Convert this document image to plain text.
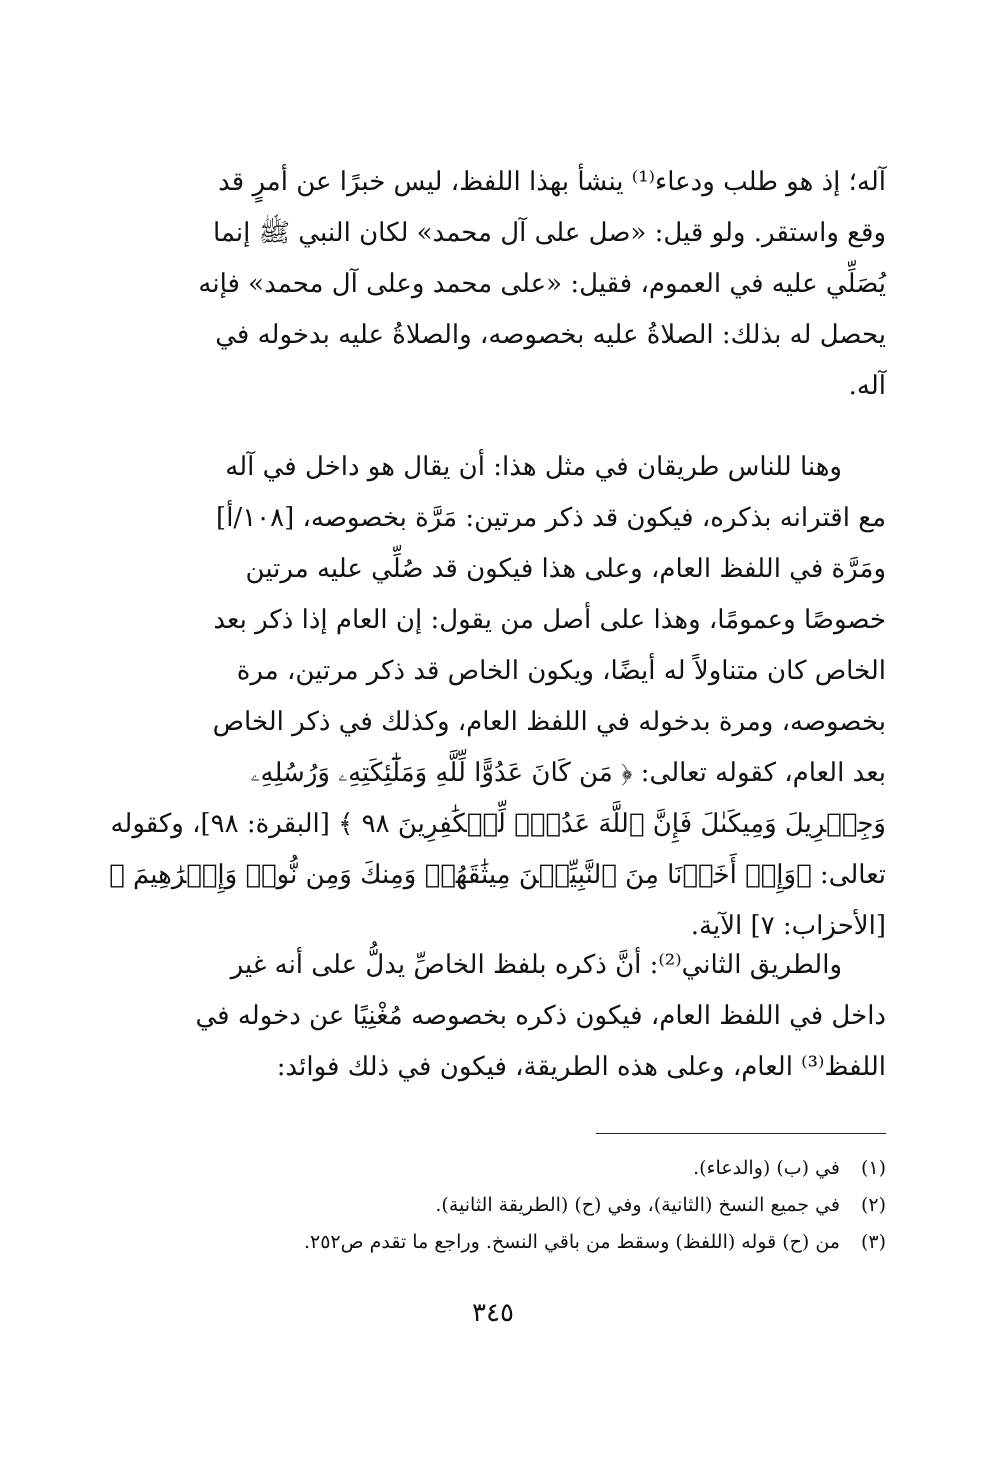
آله؛ إذ هو طلب ودعاء⁽¹⁾ ينشأ بهذا اللفظ، ليس خبرًا عن أمرٍ قد
وقع واستقر. ولو قيل: «صل على آل محمد» لكان النبي ﷺ إنما
يُصَلِّي عليه في العموم، فقيل: «على محمد وعلى آل محمد» فإنه
يحصل له بذلك: الصلاةُ عليه بخصوصه، والصلاةُ عليه بدخوله في
آله.
وهنا للناس طريقان في مثل هذا: أن يقال هو داخل في آله
مع اقترانه بذكره، فيكون قد ذكر مرتين: مَرَّة بخصوصه، [١٠٨/أ]
ومَرَّة في اللفظ العام، وعلى هذا فيكون قد صُلِّي عليه مرتين
خصوصًا وعمومًا، وهذا على أصل من يقول: إن العام إذا ذكر بعد
الخاص كان متناولاً له أيضًا، ويكون الخاص قد ذكر مرتين، مرة
بخصوصه، ومرة بدخوله في اللفظ العام، وكذلك في ذكر الخاص
بعد العام، كقوله تعالى: ﴿ مَن كَانَ عَدُوًّا لِّلَّهِ وَمَلَٰٓئِكَتِهِۦ وَرُسُلِهِۦ
وَجِبۡرِيلَ وَمِيكَىٰلَ فَإِنَّ ٱللَّهَ عَدُوّٞ لِّلۡكَٰفِرِينَ ٩٨ ﴾ [البقرة: ٩٨]، وكقوله
تعالى: ﴿وَإِذۡ أَخَذۡنَا مِنَ ٱلنَّبِيِّـۧنَ مِيثَٰقَهُمۡ وَمِنكَ وَمِن نُّوحٖ وَإِبۡرَٰهِيمَ ﴾
[الأحزاب: ٧] الآية.
والطريق الثاني⁽²⁾: أنَّ ذكره بلفظ الخاصِّ يدلُّ على أنه غير
داخل في اللفظ العام، فيكون ذكره بخصوصه مُغْنِيًا عن دخوله في
اللفظ⁽³⁾ العام، وعلى هذه الطريقة، فيكون في ذلك فوائد:
(١)في (ب) (والدعاء).
(٢)في جميع النسخ (الثانية)، وفي (ح) (الطريقة الثانية).
(٣)من (ح) قوله (اللفظ) وسقط من باقي النسخ. وراجع ما تقدم ص٢٥٢.
٣٤٥
